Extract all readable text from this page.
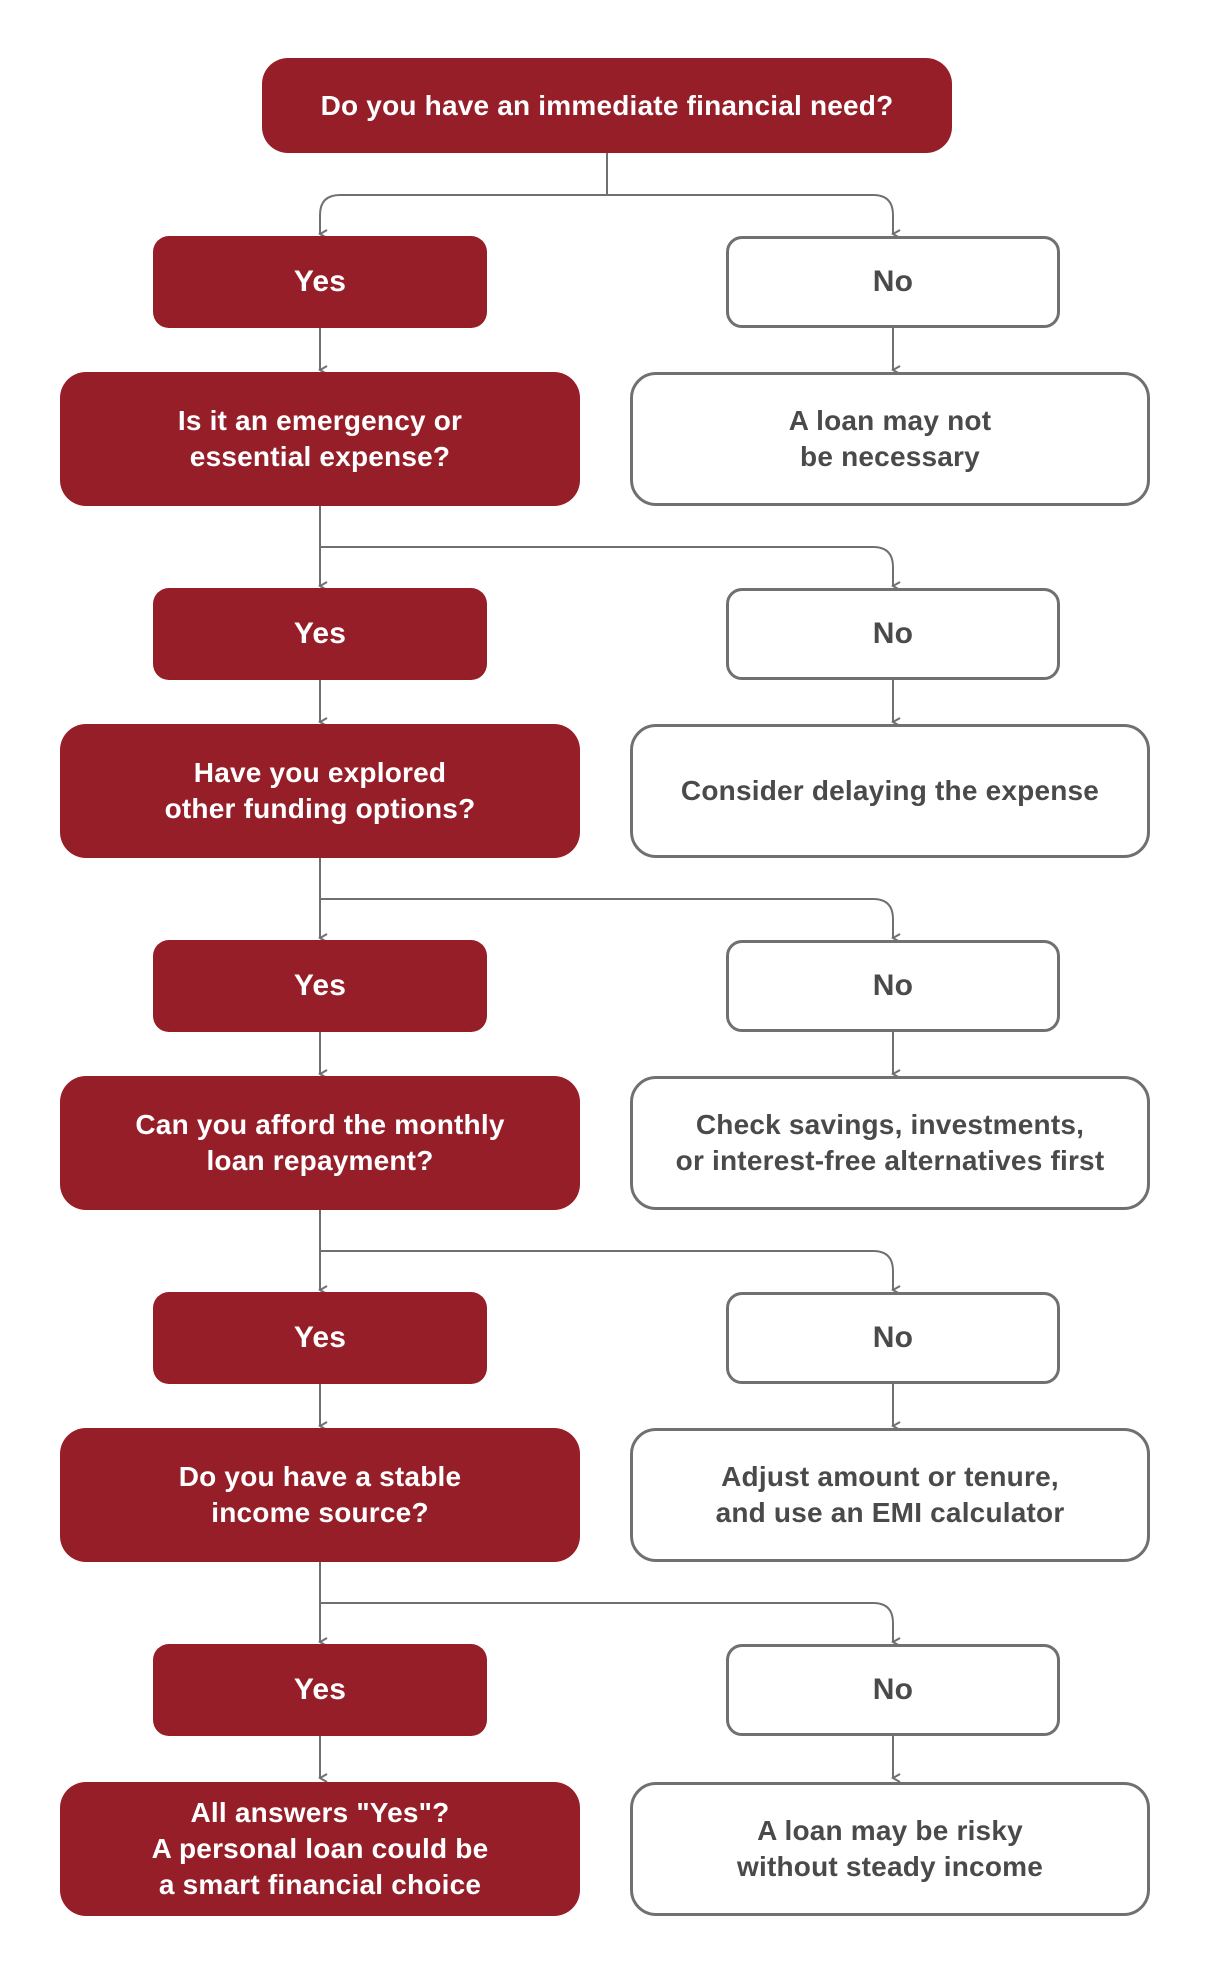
Do you have an immediate financial need?
Yes	No
Is it an emergency or
essential expense?
A loan may not
be necessary
Yes	No
Have you explored
other funding options?
Consider delaying the expense
Yes	No
Can you afford the monthly
loan repayment?
Check savings, investments,
or interest-free alternatives first
Yes	No
Do you have a stable
income source?
Adjust amount or tenure,
and use an EMI calculator
Yes	No
All answers "Yes"?
A personal loan could be
a smart financial choice
A loan may be risky
without steady income
